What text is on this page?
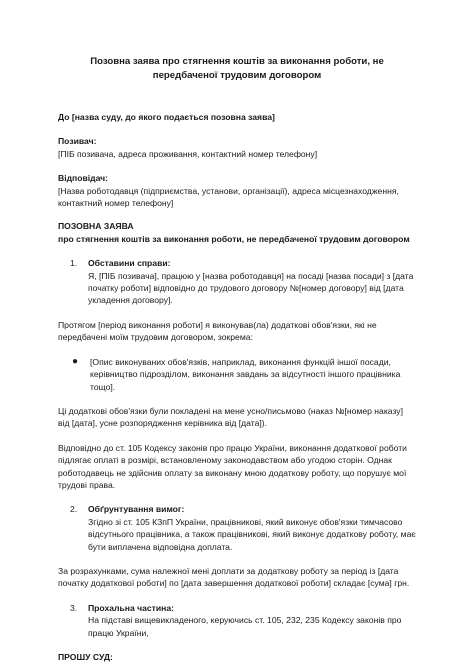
Позовна заява про стягнення коштів за виконання роботи, не передбаченої трудовим договором
До [назва суду, до якого подається позовна заява]
Позивач:
[ПІБ позивача, адреса проживання, контактний номер телефону]
Відповідач:
[Назва роботодавця (підприємства, установи, організації), адреса місцезнаходження, контактний номер телефону]
ПОЗОВНА ЗАЯВА
про стягнення коштів за виконання роботи, не передбаченої трудовим договором
1.	Обставини справи:
Я, [ПІБ позивача], працюю у [назва роботодавця] на посаді [назва посади] з [дата початку роботи] відповідно до трудового договору №[номер договору] від [дата укладення договору].
Протягом [період виконання роботи] я виконував(ла) додаткові обов'язки, які не передбачені моїм трудовим договором, зокрема:
●	[Опис виконуваних обов'язків, наприклад, виконання функцій іншої посади, керівництво підрозділом, виконання завдань за відсутності іншого працівника тощо].
Ці додаткові обов'язки були покладені на мене усно/письмово (наказ №[номер наказу] від [дата], усне розпорядження керівника від [дата]).
Відповідно до ст. 105 Кодексу законів про працю України, виконання додаткової роботи підлягає оплаті в розмірі, встановленому законодавством або угодою сторін. Однак роботодавець не здійснив оплату за виконану мною додаткову роботу, що порушує мої трудові права.
2.	Обґрунтування вимог:
Згідно зі ст. 105 КЗпП України, працівникові, який виконує обов'язки тимчасово відсутнього працівника, а також працівникові, який виконує додаткову роботу, має бути виплачена відповідна доплата.
За розрахунками, сума належної мені доплати за додаткову роботу за період із [дата початку додаткової роботи] по [дата завершення додаткової роботи] складає [сума] грн.
3.	Прохальна частина:
На підставі вищевикладеного, керуючись ст. 105, 232, 235 Кодексу законів про працю України,
ПРОШУ СУД:
